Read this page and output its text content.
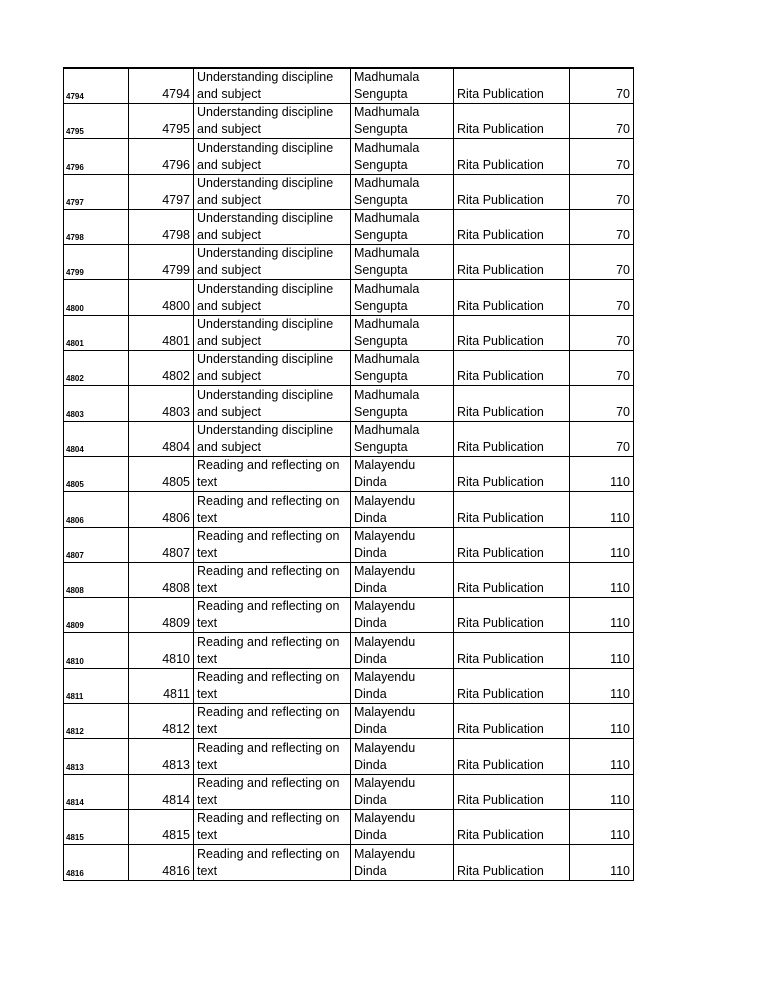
4794	4794	Understanding discipline
and subject	Madhumala
Sengupta	Rita Publication	70

4795	4795	Understanding discipline
and subject	Madhumala
Sengupta	Rita Publication	70

4796	4796	Understanding discipline
and subject	Madhumala
Sengupta	Rita Publication	70

4797	4797	Understanding discipline
and subject	Madhumala
Sengupta	Rita Publication	70

4798	4798	Understanding discipline
and subject	Madhumala
Sengupta	Rita Publication	70

4799	4799	Understanding discipline
and subject	Madhumala
Sengupta	Rita Publication	70

4800	4800	Understanding discipline
and subject	Madhumala
Sengupta	Rita Publication	70

4801	4801	Understanding discipline
and subject	Madhumala
Sengupta	Rita Publication	70

4802	4802	Understanding discipline
and subject	Madhumala
Sengupta	Rita Publication	70

4803	4803	Understanding discipline
and subject	Madhumala
Sengupta	Rita Publication	70

4804	4804	Understanding discipline
and subject	Madhumala
Sengupta	Rita Publication	70

4805	4805	Reading and reflecting on
text	Malayendu
Dinda	Rita Publication	110

4806	4806	Reading and reflecting on
text	Malayendu
Dinda	Rita Publication	110

4807	4807	Reading and reflecting on
text	Malayendu
Dinda	Rita Publication	110

4808	4808	Reading and reflecting on
text	Malayendu
Dinda	Rita Publication	110

4809	4809	Reading and reflecting on
text	Malayendu
Dinda	Rita Publication	110

4810	4810	Reading and reflecting on
text	Malayendu
Dinda	Rita Publication	110

4811	4811	Reading and reflecting on
text	Malayendu
Dinda	Rita Publication	110

4812	4812	Reading and reflecting on
text	Malayendu
Dinda	Rita Publication	110

4813	4813	Reading and reflecting on
text	Malayendu
Dinda	Rita Publication	110

4814	4814	Reading and reflecting on
text	Malayendu
Dinda	Rita Publication	110

4815	4815	Reading and reflecting on
text	Malayendu
Dinda	Rita Publication	110

4816	4816	Reading and reflecting on
text	Malayendu
Dinda	Rita Publication	110
